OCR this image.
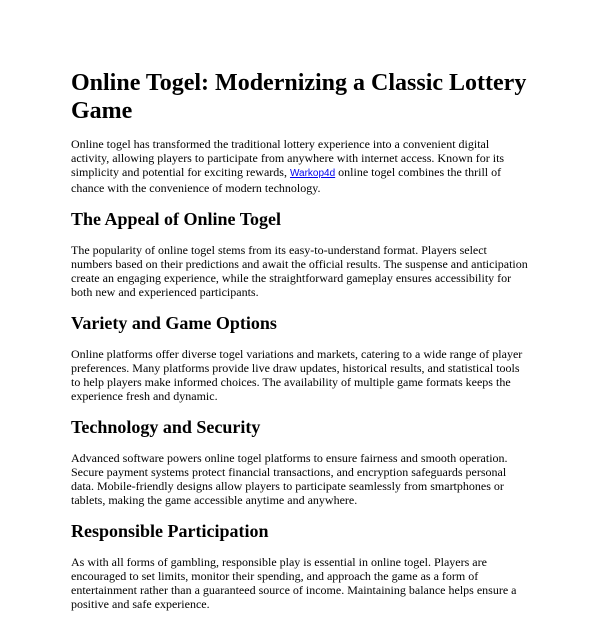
Online Togel: Modernizing a Classic Lottery Game

Online togel has transformed the traditional lottery experience into a convenient digital activity, allowing players to participate from anywhere with internet access. Known for its simplicity and potential for exciting rewards, Warkop4d online togel combines the thrill of chance with the convenience of modern technology.

The Appeal of Online Togel

The popularity of online togel stems from its easy-to-understand format. Players select numbers based on their predictions and await the official results. The suspense and anticipation create an engaging experience, while the straightforward gameplay ensures accessibility for both new and experienced participants.

Variety and Game Options

Online platforms offer diverse togel variations and markets, catering to a wide range of player preferences. Many platforms provide live draw updates, historical results, and statistical tools to help players make informed choices. The availability of multiple game formats keeps the experience fresh and dynamic.

Technology and Security

Advanced software powers online togel platforms to ensure fairness and smooth operation. Secure payment systems protect financial transactions, and encryption safeguards personal data. Mobile-friendly designs allow players to participate seamlessly from smartphones or tablets, making the game accessible anytime and anywhere.

Responsible Participation

As with all forms of gambling, responsible play is essential in online togel. Players are encouraged to set limits, monitor their spending, and approach the game as a form of entertainment rather than a guaranteed source of income. Maintaining balance helps ensure a positive and safe experience.
